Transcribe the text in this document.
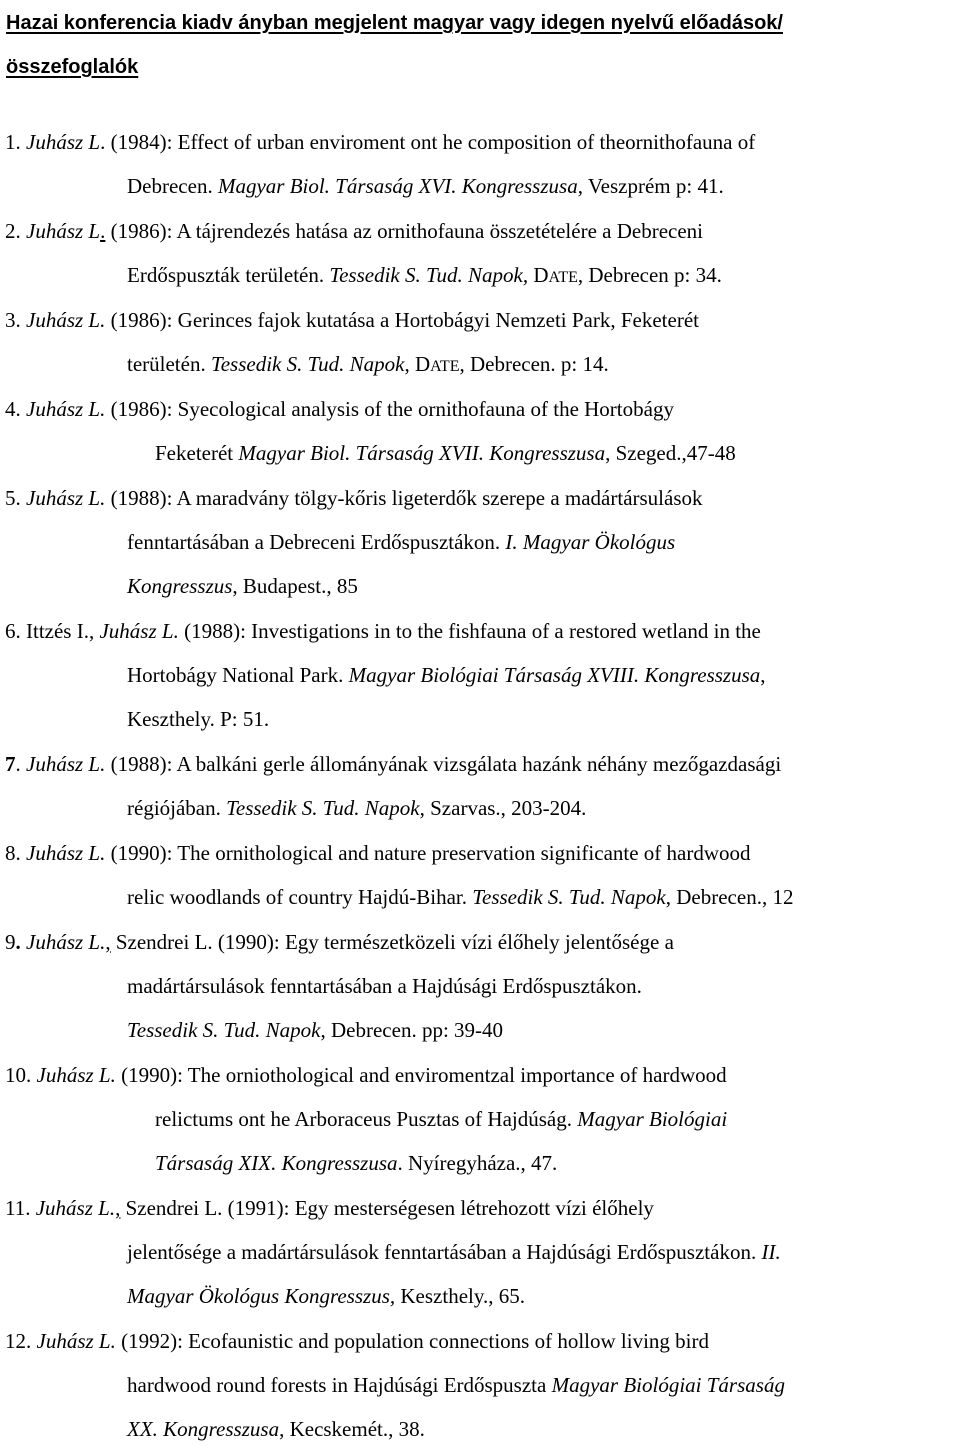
Hazai konferencia kiadv ányban megjelent magyar vagy idegen nyelvű előadások/
összefoglalók
1. Juhász L. (1984): Effect of urban enviroment ont he composition of theornithofauna of
Debrecen. Magyar Biol. Társaság XVI. Kongresszusa, Veszprém p: 41.
2. Juhász L. (1986): A tájrendezés hatása az ornithofauna összetételére a Debreceni
Erdőspuszták területén. Tessedik S. Tud. Napok, DATE, Debrecen p: 34.
3. Juhász L. (1986): Gerinces fajok kutatása a Hortobágyi Nemzeti Park, Feketerét
területén. Tessedik S. Tud. Napok, DATE, Debrecen. p: 14.
4. Juhász L. (1986): Syecological analysis of the ornithofauna of the Hortobágy
Feketerét Magyar Biol. Társaság XVII. Kongresszusa, Szeged.,47-48
5. Juhász L. (1988): A maradvány tölgy-kőris ligeterdők szerepe a madártársulások
fenntartásában a Debreceni Erdőspusztákon. I. Magyar Ökológus
Kongresszus, Budapest., 85
6. Ittzés I., Juhász L. (1988): Investigations in to the fishfauna of a restored wetland in the
Hortobágy National Park. Magyar Biológiai Társaság XVIII. Kongresszusa,
Keszthely. P: 51.
7. Juhász L. (1988): A balkáni gerle állományának vizsgálata hazánk néhány mezőgazdasági
régiójában. Tessedik S. Tud. Napok, Szarvas., 203-204.
8. Juhász L. (1990): The ornithological and nature preservation significante of hardwood
relic woodlands of country Hajdú-Bihar. Tessedik S. Tud. Napok, Debrecen., 12
9. Juhász L., Szendrei L. (1990): Egy természetközeli vízi élőhely jelentősége a
madártársulások fenntartásában a Hajdúsági Erdőspusztákon.
Tessedik S. Tud. Napok, Debrecen. pp: 39-40
10. Juhász L. (1990): The orniothological and enviromentzal importance of hardwood
relictums ont he Arboraceus Pusztas of Hajdúság. Magyar Biológiai
Társaság XIX. Kongresszusa. Nyíregyháza., 47.
11. Juhász L., Szendrei L. (1991): Egy mesterségesen létrehozott vízi élőhely
jelentősége a madártársulások fenntartásában a Hajdúsági Erdőspusztákon. II.
Magyar Ökológus Kongresszus, Keszthely., 65.
12. Juhász L. (1992): Ecofaunistic and population connections of hollow living bird
hardwood round forests in Hajdúsági Erdőspuszta Magyar Biológiai Társaság
XX. Kongresszusa, Kecskemét., 38.
